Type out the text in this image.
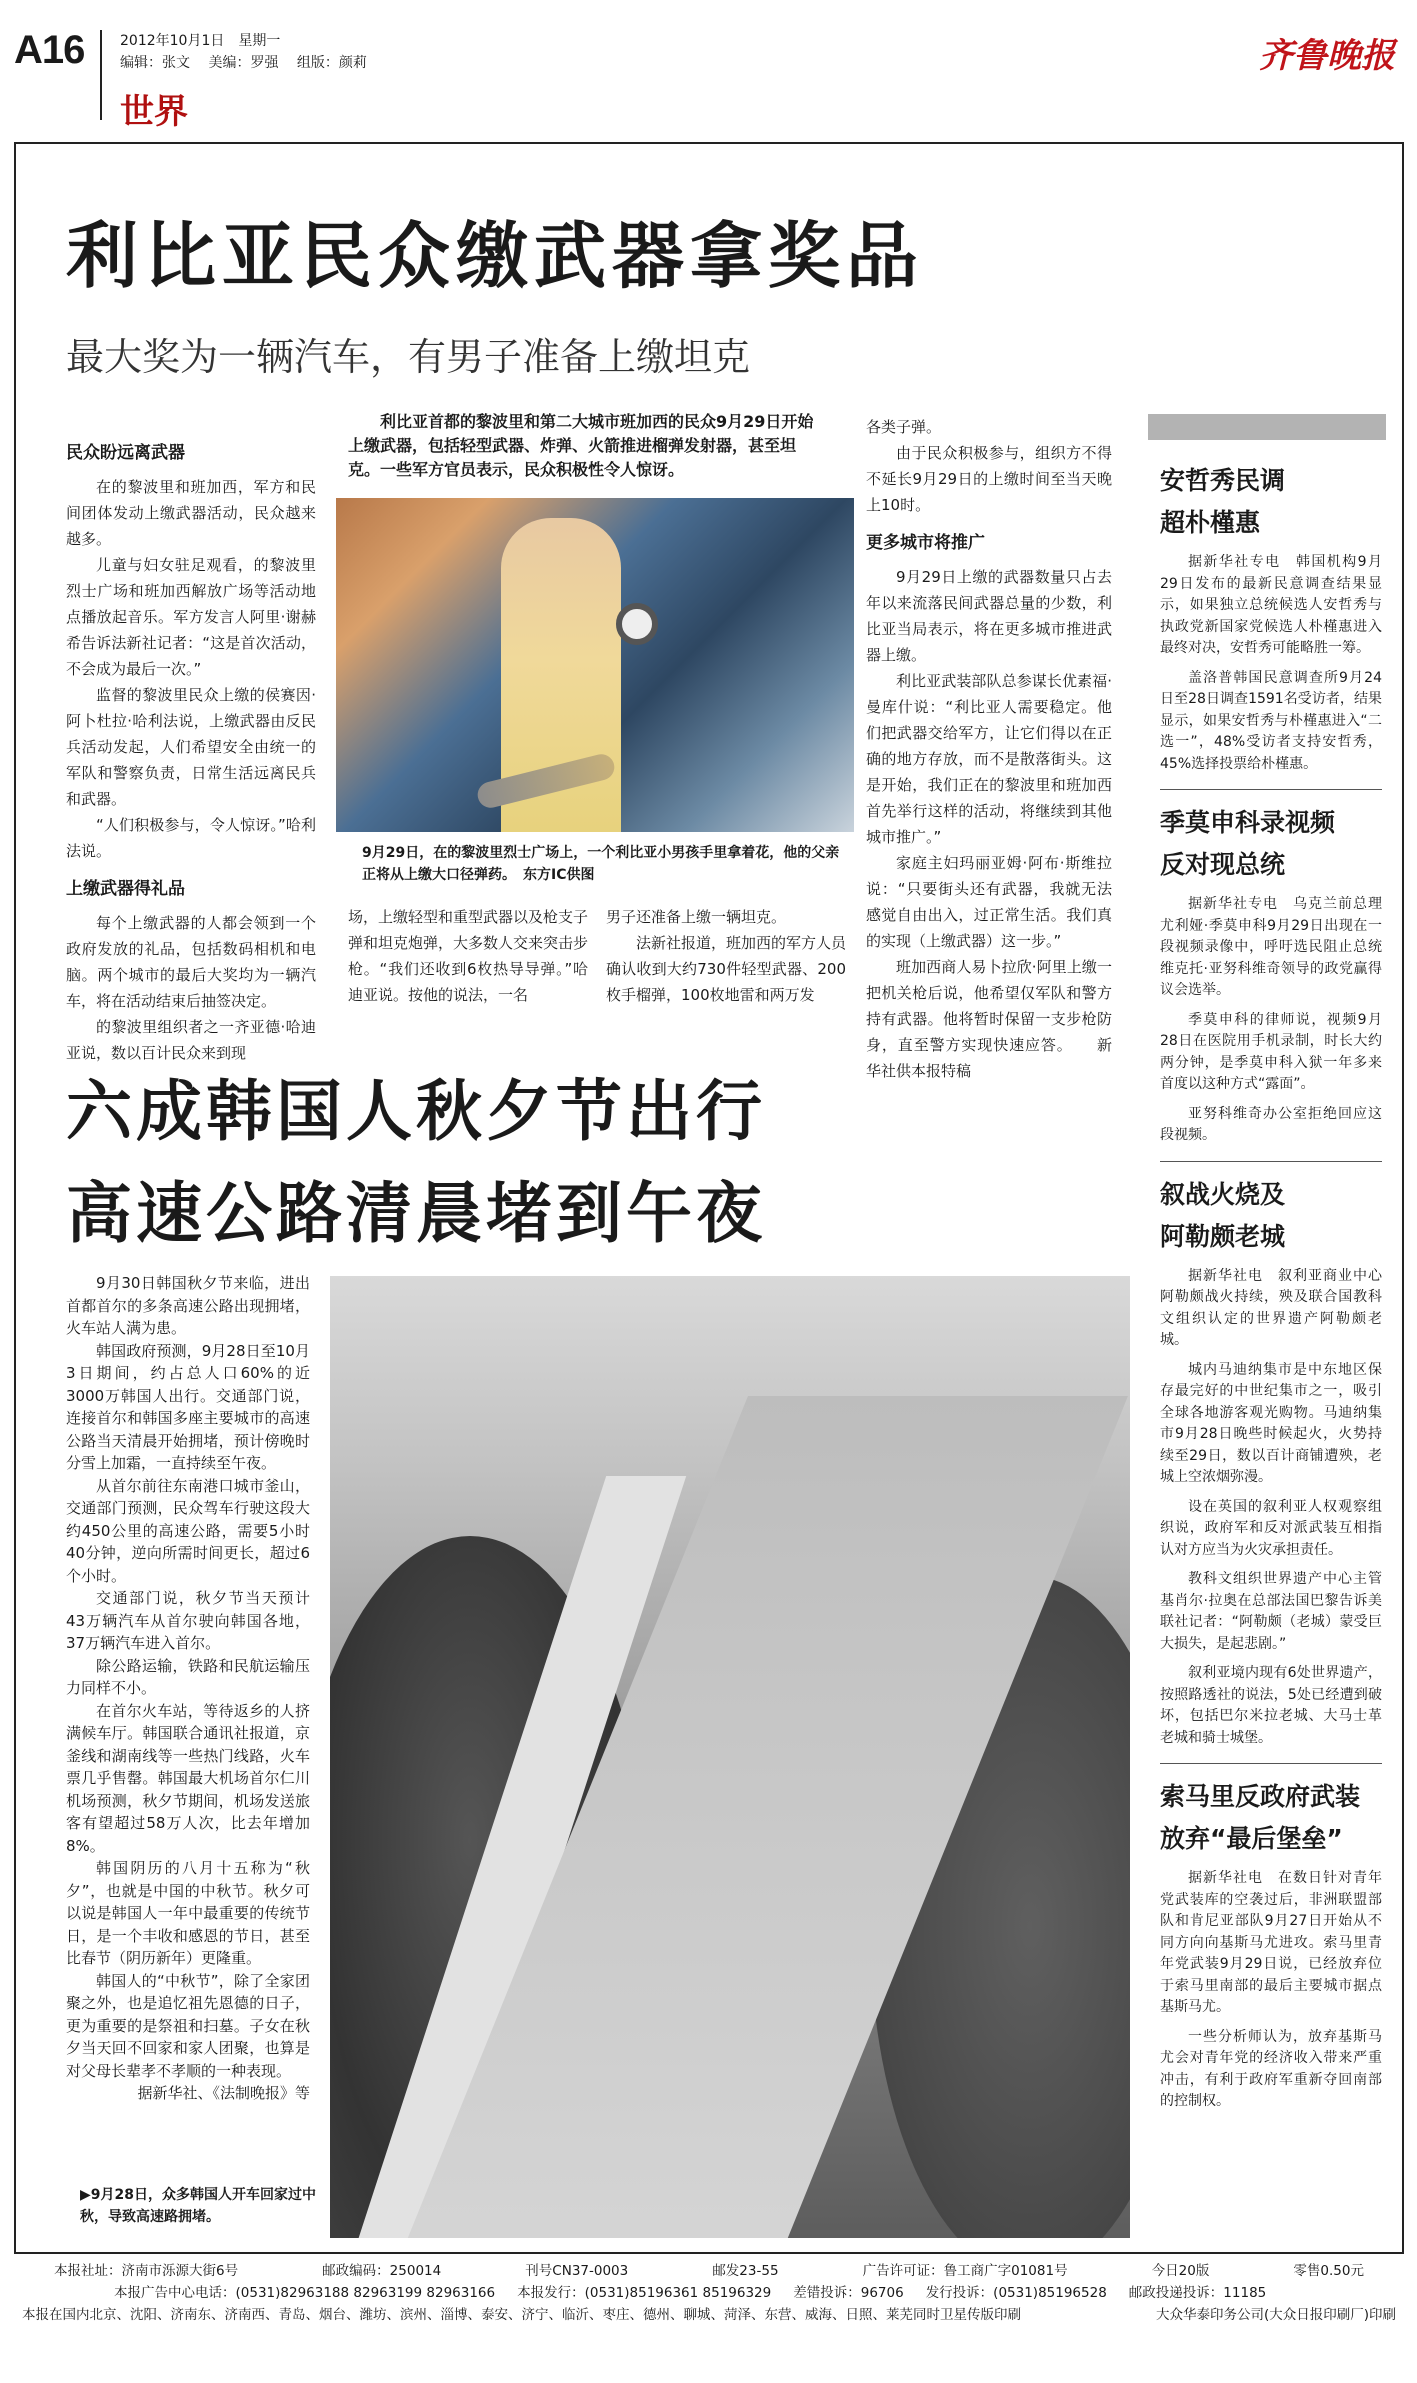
A16	2012年10月1日　星期一
编辑：张文 美编：罗强 组版：颜莉
世界
齐鲁晚报
利比亚民众缴武器拿奖品
最大奖为一辆汽车，有男子准备上缴坦克

民众盼远离武器

在的黎波里和班加西，军方和民间团体发动上缴武器活动，民众越来越多。

儿童与妇女驻足观看，的黎波里烈士广场和班加西解放广场等活动地点播放起音乐。军方发言人阿里·谢赫希告诉法新社记者：“这是首次活动，不会成为最后一次。”

监督的黎波里民众上缴的侯赛因·阿卜杜拉·哈利法说，上缴武器由反民兵活动发起，人们希望安全由统一的军队和警察负责，日常生活远离民兵和武器。

“人们积极参与，令人惊讶。”哈利法说。

上缴武器得礼品

每个上缴武器的人都会领到一个政府发放的礼品，包括数码相机和电脑。两个城市的最后大奖均为一辆汽车，将在活动结束后抽签决定。

的黎波里组织者之一齐亚德·哈迪亚说，数以百计民众来到现

利比亚首都的黎波里和第二大城市班加西的民众9月29日开始上缴武器，包括轻型武器、炸弹、火箭推进榴弹发射器，甚至坦克。一些军方官员表示，民众积极性令人惊讶。
9月29日，在的黎波里烈士广场上，一个利比亚小男孩手里拿着花，他的父亲正将从上缴大口径弹药。　东方IC供图

场，上缴轻型和重型武器以及枪支子弹和坦克炮弹，大多数人交来突击步枪。“我们还收到6枚热导导弹。”哈迪亚说。按他的说法，一名

男子还准备上缴一辆坦克。

法新社报道，班加西的军方人员确认收到大约730件轻型武器、200枚手榴弹，100枚地雷和两万发

各类子弹。

由于民众积极参与，组织方不得不延长9月29日的上缴时间至当天晚上10时。

更多城市将推广

9月29日上缴的武器数量只占去年以来流落民间武器总量的少数，利比亚当局表示，将在更多城市推进武器上缴。

利比亚武装部队总参谋长优素福·曼库什说：“利比亚人需要稳定。他们把武器交给军方，让它们得以在正确的地方存放，而不是散落街头。这是开始，我们正在的黎波里和班加西首先举行这样的活动，将继续到其他城市推广。”

家庭主妇玛丽亚姆·阿布·斯维拉说：“只要街头还有武器，我就无法感觉自由出入，过正常生活。我们真的实现（上缴武器）这一步。”

班加西商人易卜拉欣·阿里上缴一把机关枪后说，他希望仅军队和警方持有武器。他将暂时保留一支步枪防身，直至警方实现快速应答。　　新华社供本报特稿

六成韩国人秋夕节出行
高速公路清晨堵到午夜

9月30日韩国秋夕节来临，进出首都首尔的多条高速公路出现拥堵，火车站人满为患。

韩国政府预测，9月28日至10月3日期间，约占总人口60%的近3000万韩国人出行。交通部门说，连接首尔和韩国多座主要城市的高速公路当天清晨开始拥堵，预计傍晚时分雪上加霜，一直持续至午夜。

从首尔前往东南港口城市釜山，交通部门预测，民众驾车行驶这段大约450公里的高速公路，需要5小时40分钟，逆向所需时间更长，超过6个小时。

交通部门说，秋夕节当天预计43万辆汽车从首尔驶向韩国各地，37万辆汽车进入首尔。

除公路运输，铁路和民航运输压力同样不小。

在首尔火车站，等待返乡的人挤满候车厅。韩国联合通讯社报道，京釜线和湖南线等一些热门线路，火车票几乎售罄。韩国最大机场首尔仁川机场预测，秋夕节期间，机场发送旅客有望超过58万人次，比去年增加8%。

韩国阴历的八月十五称为“秋夕”，也就是中国的中秋节。秋夕可以说是韩国人一年中最重要的传统节日，是一个丰收和感恩的节日，甚至比春节（阴历新年）更隆重。

韩国人的“中秋节”，除了全家团聚之外，也是追忆祖先恩德的日子，更为重要的是祭祖和扫墓。子女在秋夕当天回不回家和家人团聚，也算是对父母长辈孝不孝顺的一种表现。

据新华社、《法制晚报》等

▶9月28日，众多韩国人开车回家过中秋，导致高速路拥堵。
安哲秀民调
超朴槿惠

据新华社专电　韩国机构9月29日发布的最新民意调查结果显示，如果独立总统候选人安哲秀与执政党新国家党候选人朴槿惠进入最终对决，安哲秀可能略胜一筹。

盖洛普韩国民意调查所9月24日至28日调查1591名受访者，结果显示，如果安哲秀与朴槿惠进入“二选一”，48%受访者支持安哲秀，45%选择投票给朴槿惠。

季莫申科录视频
反对现总统

据新华社专电　乌克兰前总理尤利娅·季莫申科9月29日出现在一段视频录像中，呼吁选民阻止总统维克托·亚努科维奇领导的政党赢得议会选举。

季莫申科的律师说，视频9月28日在医院用手机录制，时长大约两分钟，是季莫申科入狱一年多来首度以这种方式“露面”。

亚努科维奇办公室拒绝回应这段视频。

叙战火烧及
阿勒颇老城

据新华社电　叙利亚商业中心阿勒颇战火持续，殃及联合国教科文组织认定的世界遗产阿勒颇老城。

城内马迪纳集市是中东地区保存最完好的中世纪集市之一，吸引全球各地游客观光购物。马迪纳集市9月28日晚些时候起火，火势持续至29日，数以百计商铺遭殃，老城上空浓烟弥漫。

设在英国的叙利亚人权观察组织说，政府军和反对派武装互相指认对方应当为火灾承担责任。

教科文组织世界遗产中心主管基肖尔·拉奥在总部法国巴黎告诉美联社记者：“阿勒颇（老城）蒙受巨大损失，是起悲剧。”

叙利亚境内现有6处世界遗产，按照路透社的说法，5处已经遭到破坏，包括巴尔米拉老城、大马士革老城和骑士城堡。

索马里反政府武装
放弃“最后堡垒”

据新华社电　在数日针对青年党武装库的空袭过后，非洲联盟部队和肯尼亚部队9月27日开始从不同方向向基斯马尤进攻。索马里青年党武装9月29日说，已经放弃位于索马里南部的最后主要城市据点基斯马尤。

一些分析师认为，放弃基斯马尤会对青年党的经济收入带来严重冲击，有利于政府军重新夺回南部的控制权。

本报社址：济南市泺源大街6号	邮政编码：250014	刊号CN37-0003	邮发23-55	广告许可证：鲁工商广字01081号	今日20版	零售0.50元
本报广告中心电话：(0531)82963188 82963199 82963166 本报发行：(0531)85196361 85196329 差错投诉：96706 发行投诉：(0531)85196528 邮政投递投诉：11185
本报在国内北京、沈阳、济南东、济南西、青岛、烟台、潍坊、滨州、淄博、泰安、济宁、临沂、枣庄、德州、聊城、菏泽、东营、威海、日照、莱芜同时卫星传版印刷	大众华泰印务公司(大众日报印刷厂)印刷
